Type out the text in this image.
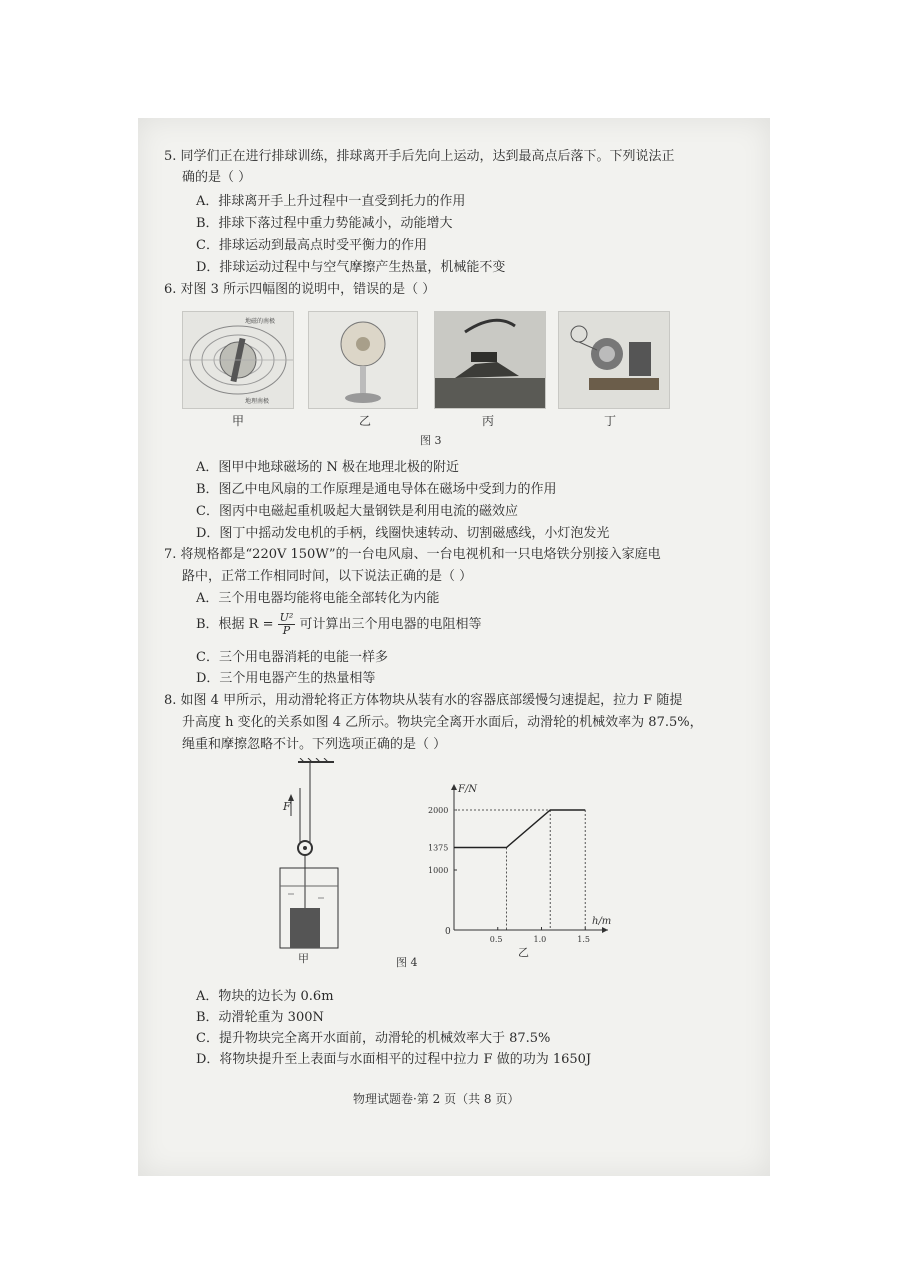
5. 同学们正在进行排球训练，排球离开手后先向上运动，达到最高点后落下。下列说法正
确的是（ ）
A．排球离开手上升过程中一直受到托力的作用
B．排球下落过程中重力势能减小，动能增大
C．排球运动到最高点时受平衡力的作用
D．排球运动过程中与空气摩擦产生热量，机械能不变
6. 对图 3 所示四幅图的说明中，错误的是（ ）
地磁的南极
地理南极
甲	乙	丙	丁
图 3
A．图甲中地球磁场的 N 极在地理北极的附近
B．图乙中电风扇的工作原理是通电导体在磁场中受到力的作用
C．图丙中电磁起重机吸起大量钢铁是利用电流的磁效应
D．图丁中摇动发电机的手柄，线圈快速转动、切割磁感线，小灯泡发光
7. 将规格都是“220V 150W”的一台电风扇、一台电视机和一只电烙铁分别接入家庭电
路中，正常工作相同时间，以下说法正确的是（ ）
A．三个用电器均能将电能全部转化为内能
B．根据 $R = \frac{\text{U²}}{P}$ 可计算出三个用电器的电阻相等
C．三个用电器消耗的电能一样多
D．三个用电器产生的热量相等
8. 如图 4 甲所示，用动滑轮将正方体物块从装有水的容器底部缓慢匀速提起，拉力 F 随提
升高度 h 变化的关系如图 4 乙所示。物块完全离开水面后，动滑轮的机械效率为 87.5%，
绳重和摩擦忽略不计。下列选项正确的是（ ）
F
甲
F/N
h/m
0
0.5	1.0	1.5
1000
1375
2000
乙
图 4
A．物块的边长为 0.6m
B．动滑轮重为 300N
C．提升物块完全离开水面前，动滑轮的机械效率大于 87.5%
D．将物块提升至上表面与水面相平的过程中拉力 F 做的功为 1650J
物理试题卷·第 2 页（共 8 页）
